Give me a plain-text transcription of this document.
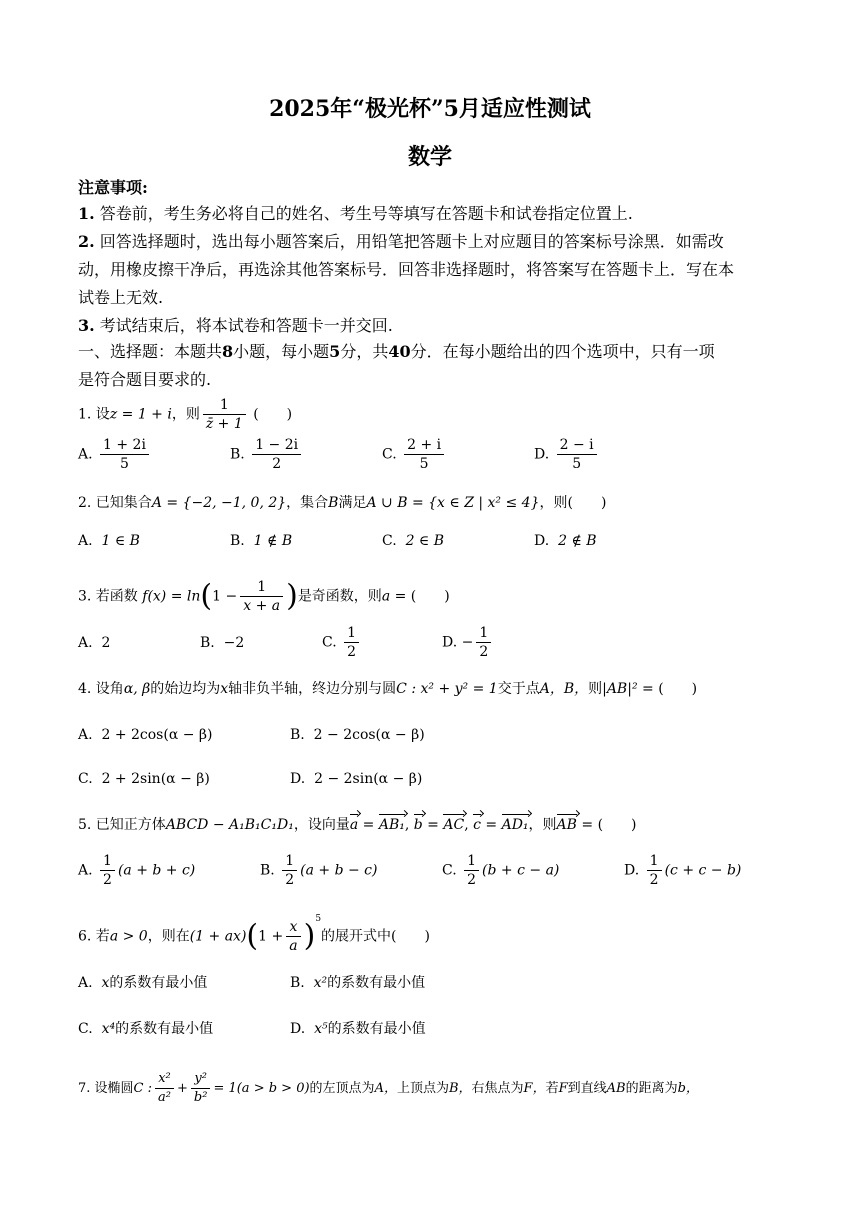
2025年“极光杯”5月适应性测试
数学
注意事项:
1. 答卷前，考生务必将自己的姓名、考生号等填写在答题卡和试卷指定位置上.
2. 回答选择题时，选出每小题答案后，用铅笔把答题卡上对应题目的答案标号涂黑．如需改
动，用橡皮擦干净后，再选涂其他答案标号．回答非选择题时，将答案写在答题卡上．写在本
试卷上无效.
3. 考试结束后，将本试卷和答题卡一并交回.
一、选择题：本题共8小题，每小题5分，共40分．在每小题给出的四个选项中，只有一项
是符合题目要求的.
1. 设z = 1 + i，则 $\frac{1}{z̄ + 1}$ (　　)
A. $\frac{1 + 2i}{5}$	B. $\frac{1 - 2i}{2}$	C. $\frac{2 + i}{5}$	D. $\frac{2 - i}{5}$
2. 已知集合A = {−2, −1, 0, 2}，集合B满足A ∪ B = {x ∈ Z | x² ≤ 4}，则(　　)
A. 1 ∈ B	B. 1 ∉ B	C. 2 ∈ B	D. 2 ∉ B
3. 若函数 $f(x) = \ln(1 - \frac{1}{x + a}$ )是奇函数，则a = (　　)
A. 2	B. −2	C. $\frac{1}{2}$	D. − $\frac{1}{2}$
4. 设角α, β的始边均为x轴非负半轴，终边分别与圆C : x² + y² = 1交于点A，B，则|AB|² = (　　)
A. 2 + 2cos(α − β)	B. 2 − 2cos(α − β)
C. 2 + 2sin(α − β)	D. 2 − 2sin(α − β)
5. 已知正方体ABCD − A₁B₁C₁D₁，设向量a = AB₁, b = AC, c = AD₁，则AB = (　　)
A. $\frac{1}{2} (a + b + c)$	B. $\frac{1}{2} (a + b - c)$	C. $\frac{1}{2} (b + c - a)$	D. $\frac{1}{2} (c + c - b)$
6. 若a > 0，则在$(1 + ax)(1 + \frac{x}{a} )^5$的展开式中(　　)
A. x的系数有最小值	B. x²的系数有最小值
C. x⁴的系数有最小值	D. x⁵的系数有最小值
7. 设椭圆C : $\frac{\text{x²}}{\text{a²}} + \frac{\text{y²}}{\text{b²}} = 1(a > b > 0)$的左顶点为A，上顶点为B，右焦点为F，若F到直线AB的距离为b，
